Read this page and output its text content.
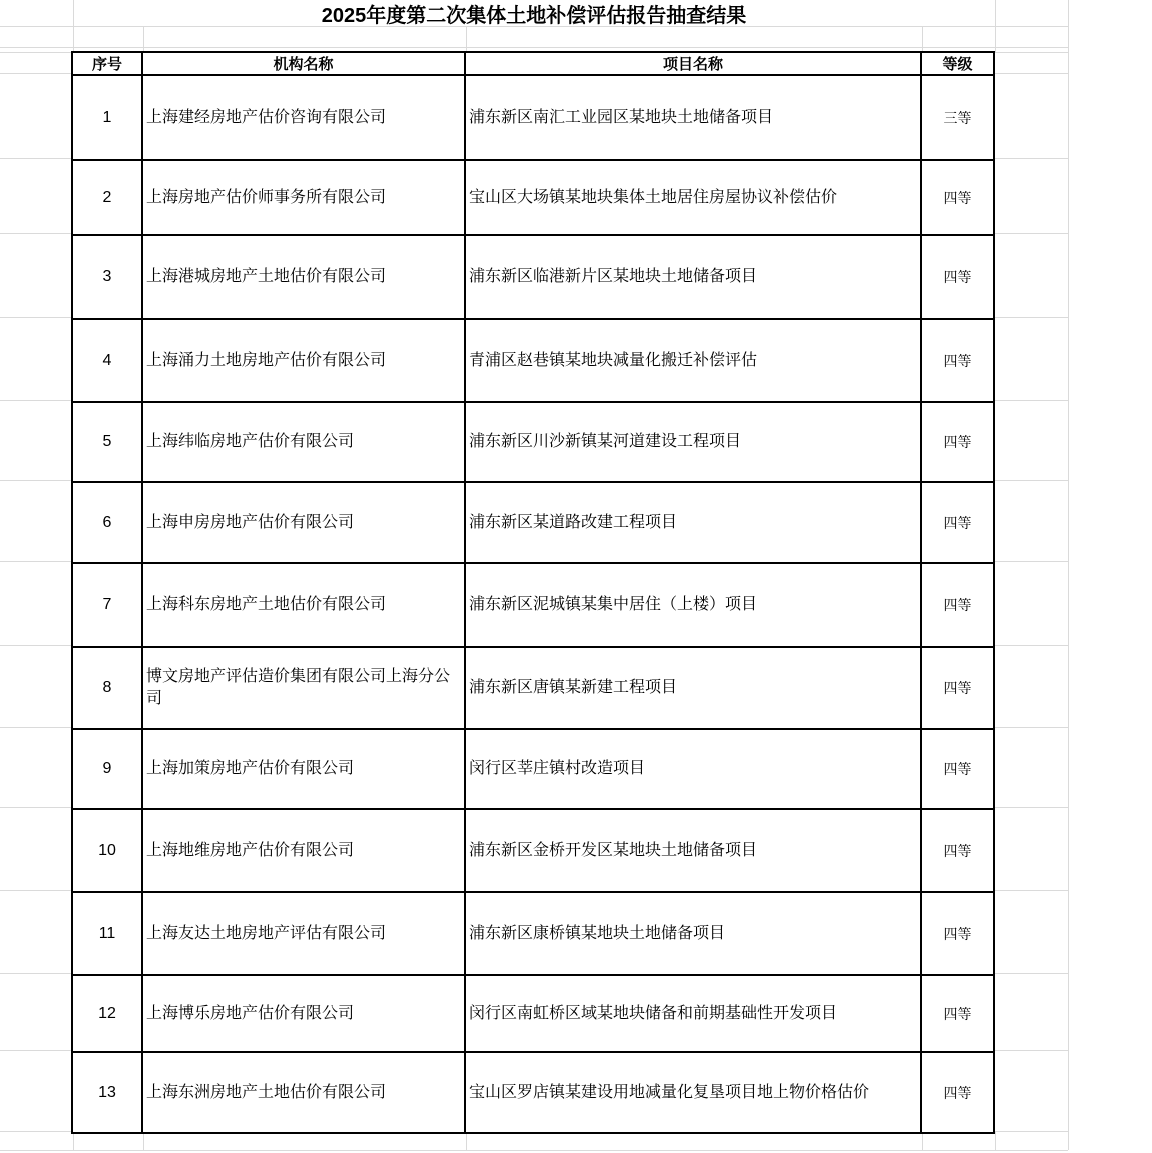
2025年度第二次集体土地补偿评估报告抽查结果
序号	机构名称	项目名称	等级
1	上海建经房地产估价咨询有限公司	浦东新区南汇工业园区某地块土地储备项目	三等
2	上海房地产估价师事务所有限公司	宝山区大场镇某地块集体土地居住房屋协议补偿估价	四等
3	上海港城房地产土地估价有限公司	浦东新区临港新片区某地块土地储备项目	四等
4	上海涌力土地房地产估价有限公司	青浦区赵巷镇某地块减量化搬迁补偿评估	四等
5	上海纬临房地产估价有限公司	浦东新区川沙新镇某河道建设工程项目	四等
6	上海申房房地产估价有限公司	浦东新区某道路改建工程项目	四等
7	上海科东房地产土地估价有限公司	浦东新区泥城镇某集中居住（上楼）项目	四等
8	博文房地产评估造价集团有限公司上海分公司	浦东新区唐镇某新建工程项目	四等
9	上海加策房地产估价有限公司	闵行区莘庄镇村改造项目	四等
10	上海地维房地产估价有限公司	浦东新区金桥开发区某地块土地储备项目	四等
11	上海友达土地房地产评估有限公司	浦东新区康桥镇某地块土地储备项目	四等
12	上海博乐房地产估价有限公司	闵行区南虹桥区域某地块储备和前期基础性开发项目	四等
13	上海东洲房地产土地估价有限公司	宝山区罗店镇某建设用地减量化复垦项目地上物价格估价	四等
